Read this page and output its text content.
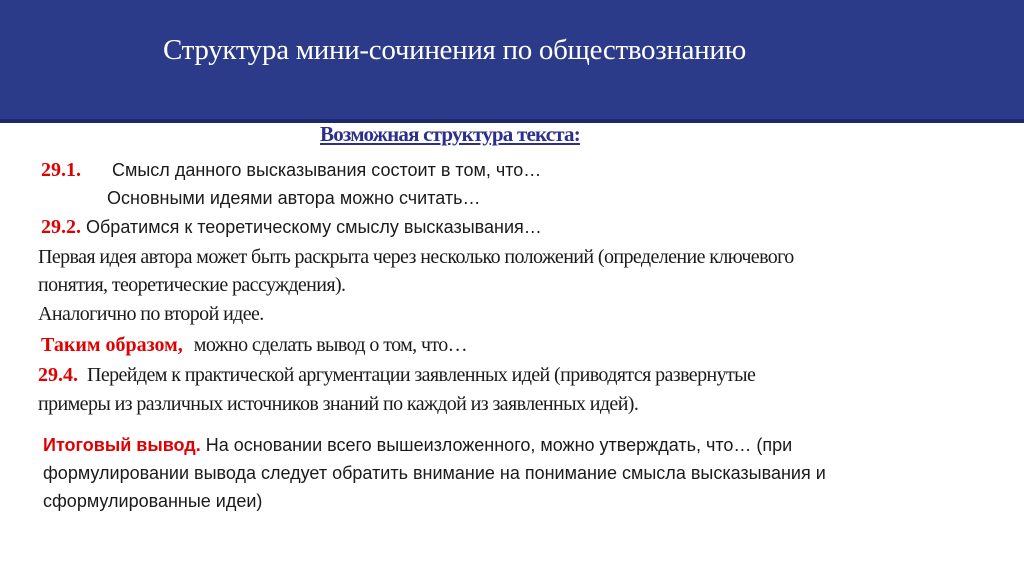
Структура мини-сочинения по обществознанию
Возможная структура текста:
29.1. Смысл данного высказывания состоит в том, что…
Основными идеями автора можно считать…
29.2. Обратимся к теоретическому смыслу высказывания…
Первая идея автора может быть раскрыта через несколько положений (определение ключевого
понятия, теоретические рассуждения).
Аналогично по второй идее.
Таким образом, можно сделать вывод о том, что…
29.4. Перейдем к практической аргументации заявленных идей (приводятся развернутые
примеры из различных источников знаний по каждой из заявленных идей).
Итоговый вывод. На основании всего вышеизложенного, можно утверждать, что… (при
формулировании вывода следует обратить внимание на понимание смысла высказывания и
сформулированные идеи)
